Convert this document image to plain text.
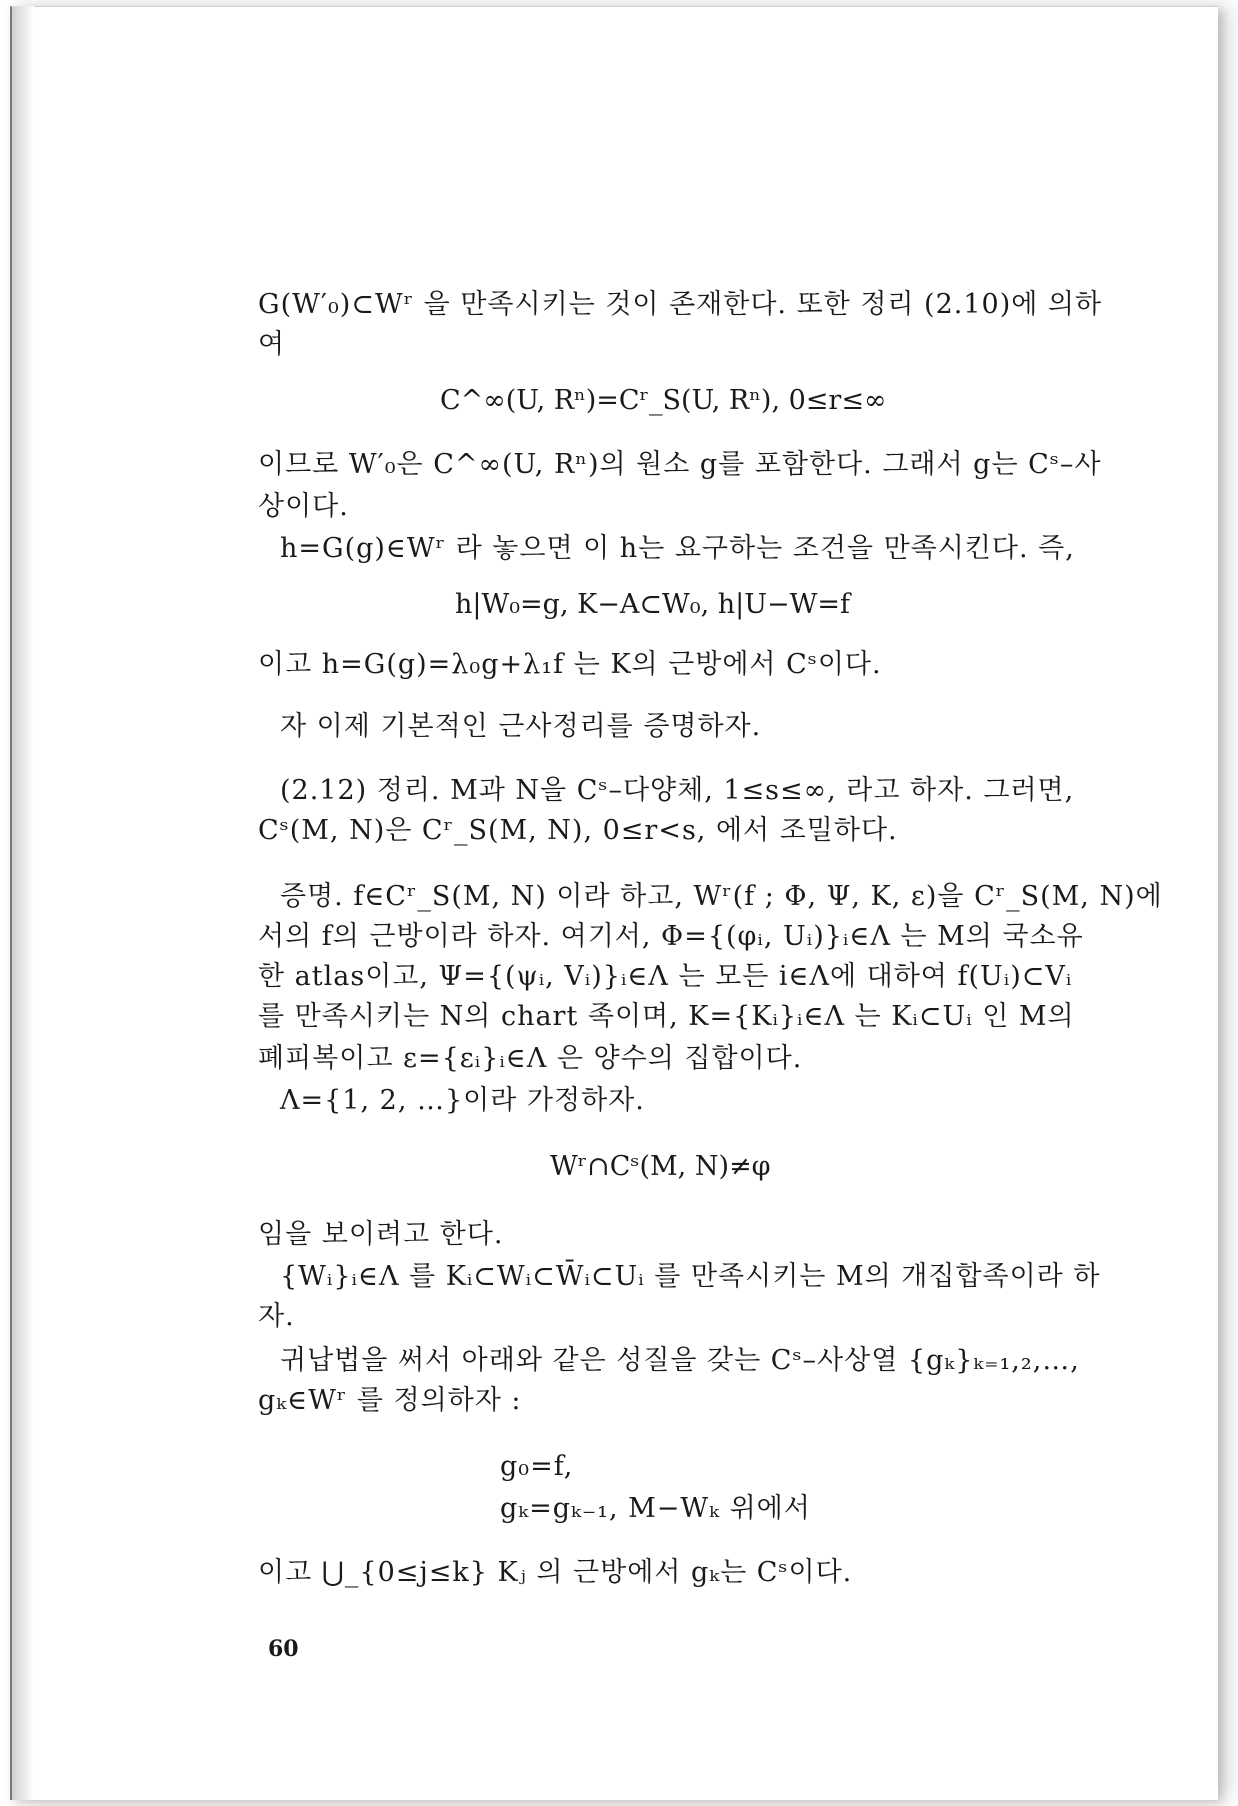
G(W′₀)⊂Wʳ 을 만족시키는 것이 존재한다. 또한 정리 (2.10)에 의하
여
C^∞(U, Rⁿ)=Cʳ_S(U, Rⁿ), 0≤r≤∞
이므로 W′₀은 C^∞(U, Rⁿ)의 원소 g를 포함한다. 그래서 g는 Cˢ–사
상이다.
h=G(g)∈Wʳ 라 놓으면 이 h는 요구하는 조건을 만족시킨다. 즉,
h|W₀=g, K−A⊂W₀, h|U−W=f
이고 h=G(g)=λ₀g+λ₁f 는 K의 근방에서 Cˢ이다.
자 이제 기본적인 근사정리를 증명하자.
(2.12) 정리. M과 N을 Cˢ–다양체, 1≤s≤∞, 라고 하자. 그러면,
Cˢ(M, N)은 Cʳ_S(M, N), 0≤r<s, 에서 조밀하다.
증명. f∈Cʳ_S(M, N) 이라 하고, Wʳ(f ; Φ, Ψ, K, ε)을 Cʳ_S(M, N)에
서의 f의 근방이라 하자. 여기서, Φ={(φᵢ, Uᵢ)}ᵢ∈Λ 는 M의 국소유
한 atlas이고, Ψ={(ψᵢ, Vᵢ)}ᵢ∈Λ 는 모든 i∈Λ에 대하여 f(Uᵢ)⊂Vᵢ
를 만족시키는 N의 chart 족이며, K={Kᵢ}ᵢ∈Λ 는 Kᵢ⊂Uᵢ 인 M의
폐피복이고 ε={εᵢ}ᵢ∈Λ 은 양수의 집합이다.
Λ={1, 2, …}이라 가정하자.
Wʳ∩Cˢ(M, N)≠φ
임을 보이려고 한다.
{Wᵢ}ᵢ∈Λ 를 Kᵢ⊂Wᵢ⊂W̄ᵢ⊂Uᵢ 를 만족시키는 M의 개집합족이라 하
자.
귀납법을 써서 아래와 같은 성질을 갖는 Cˢ–사상열 {gₖ}ₖ₌₁,₂,…,
gₖ∈Wʳ 를 정의하자 :
g₀=f,
gₖ=gₖ₋₁, M−Wₖ 위에서
이고 ⋃_{0≤j≤k} Kⱼ 의 근방에서 gₖ는 Cˢ이다.
60
